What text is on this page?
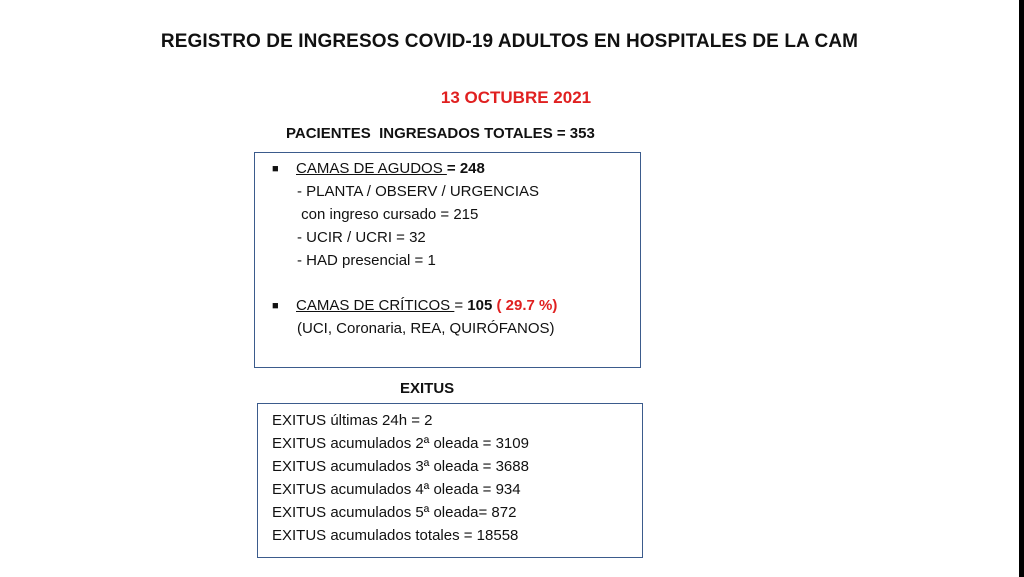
REGISTRO DE INGRESOS COVID-19 ADULTOS EN HOSPITALES DE LA CAM
13 OCTUBRE 2021
PACIENTES  INGRESADOS TOTALES = 353
■ CAMAS DE AGUDOS = 248
- PLANTA / OBSERV / URGENCIAS
con ingreso cursado = 215
- UCIR / UCRI = 32
- HAD presencial = 1
■ CAMAS DE CRÍTICOS = 105 ( 29.7 %)
(UCI, Coronaria, REA, QUIRÓFANOS)
EXITUS
EXITUS últimas 24h = 2
EXITUS acumulados 2ª oleada = 3109
EXITUS acumulados 3ª oleada = 3688
EXITUS acumulados 4ª oleada = 934
EXITUS acumulados 5ª oleada= 872
EXITUS acumulados totales = 18558
